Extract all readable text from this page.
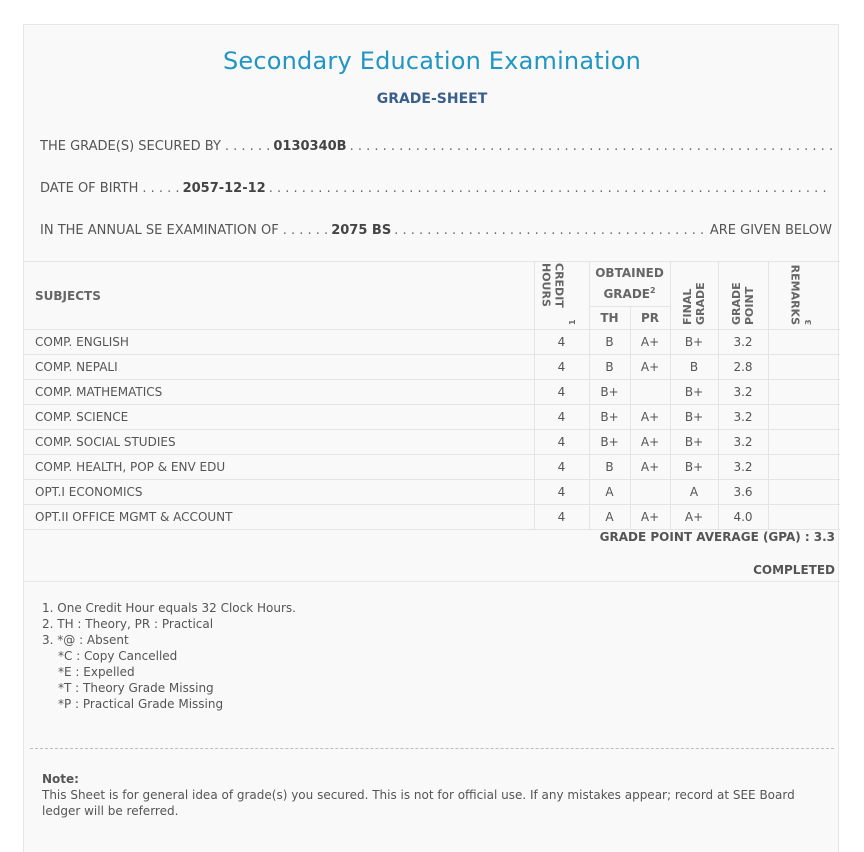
Secondary Education Examination
GRADE-SHEET
THE GRADE(S) SECURED BY . . . . . . 0130340B
. . .
DATE OF BIRTH . . . . . 2057-12-12
. . .
IN THE ANNUAL SE EXAMINATION OF . . . . . . 2075 BS . . .	ARE GIVEN BELOW
SUBJECTS	CREDIT HOURS$^1$	OBTAINED GRADE$^2$		FINAL GRADE	GRADE POINT	REMARKS $^3$
		TH	PR			
COMP. ENGLISH	4	B	A+	B+	3.2	
COMP. NEPALI	4	B	A+	B	2.8	
COMP. MATHEMATICS	4	B+		B+	3.2	
COMP. SCIENCE	4	B+	A+	B+	3.2	
COMP. SOCIAL STUDIES	4	B+	A+	B+	3.2	
COMP. HEALTH, POP & ENV EDU	4	B	A+	B+	3.2	
OPT.I ECONOMICS	4	A		A	3.6	
OPT.II OFFICE MGMT & ACCOUNT	4	A	A+	A+	4.0	
GRADE POINT AVERAGE (GPA) : 3.3
COMPLETED
1. One Credit Hour equals 32 Clock Hours.
2. TH : Theory, PR : Practical
3. *@ : Absent
*C : Copy Cancelled
*E : Expelled
*T : Theory Grade Missing
*P : Practical Grade Missing
Note:
This Sheet is for general idea of grade(s) you secured. This is not for official use. If any mistakes appear; record at SEE Board ledger will be referred.
